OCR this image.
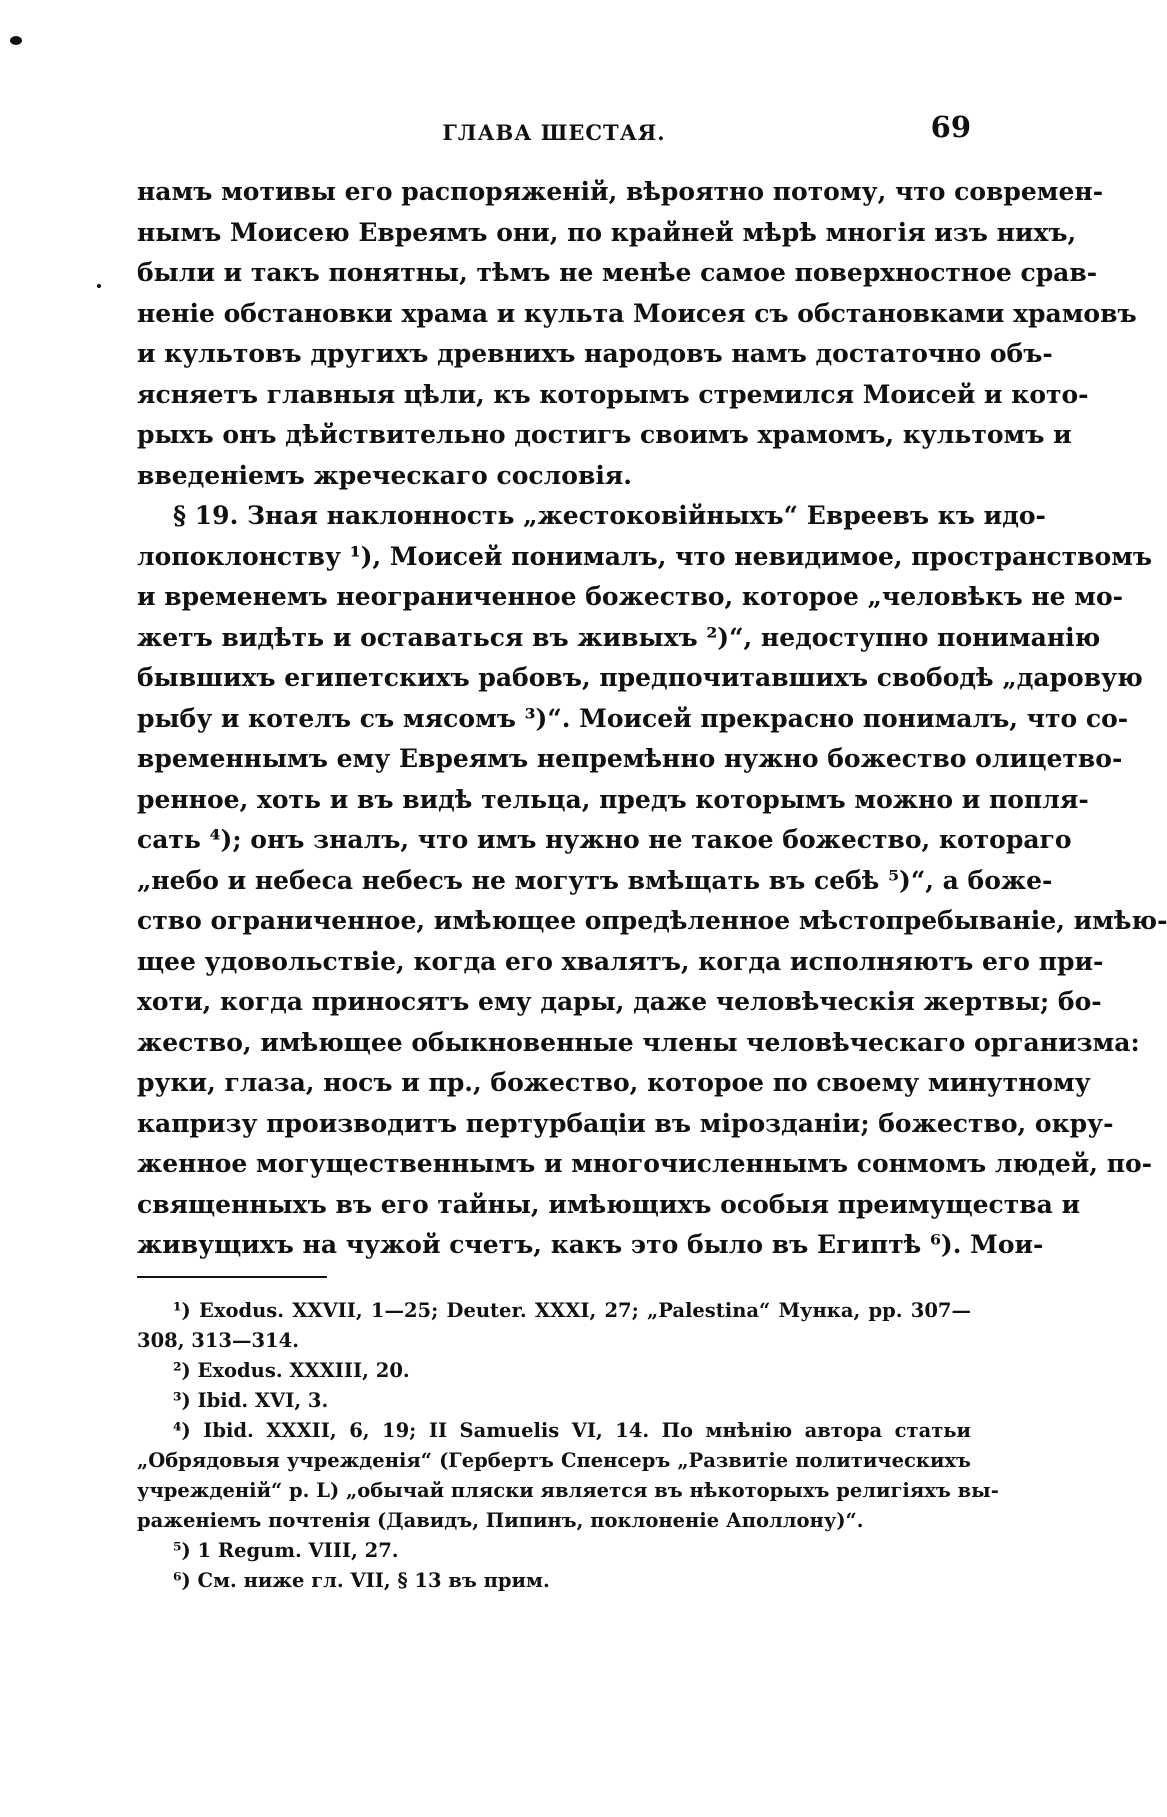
ГЛАВА ШЕСТАЯ.	69
намъ мотивы его распоряженій, вѣроятно потому, что современ-
нымъ Моисею Евреямъ они, по крайней мѣрѣ многія изъ нихъ,
были и такъ понятны, тѣмъ не менѣе самое поверхностное срав-
неніе обстановки храма и культа Моисея съ обстановками храмовъ
и культовъ другихъ древнихъ народовъ намъ достаточно объ-
ясняетъ главныя цѣли, къ которымъ стремился Моисей и кото-
рыхъ онъ дѣйствительно достигъ своимъ храмомъ, культомъ и
введеніемъ жреческаго сословія.
§ 19. Зная наклонность „жестоковійныхъ“ Евреевъ къ идо-
лопоклонству ¹), Моисей понималъ, что невидимое, пространствомъ
и временемъ неограниченное божество, которое „человѣкъ не мо-
жетъ видѣть и оставаться въ живыхъ ²)“, недоступно пониманію
бывшихъ египетскихъ рабовъ, предпочитавшихъ свободѣ „даровую
рыбу и котелъ съ мясомъ ³)“. Моисей прекрасно понималъ, что со-
временнымъ ему Евреямъ непремѣнно нужно божество олицетво-
ренное, хоть и въ видѣ тельца, предъ которымъ можно и попля-
сать ⁴); онъ зналъ, что имъ нужно не такое божество, котораго
„небо и небеса небесъ не могутъ вмѣщать въ себѣ ⁵)“, а боже-
ство ограниченное, имѣющее опредѣленное мѣстопребываніе, имѣю-
щее удовольствіе, когда его хвалятъ, когда исполняютъ его при-
хоти, когда приносятъ ему дары, даже человѣческія жертвы; бо-
жество, имѣющее обыкновенные члены человѣческаго организма:
руки, глаза, носъ и пр., божество, которое по своему минутному
капризу производитъ пертурбаціи въ мірозданіи; божество, окру-
женное могущественнымъ и многочисленнымъ сонмомъ людей, по-
священныхъ въ его тайны, имѣющихъ особыя преимущества и
живущихъ на чужой счетъ, какъ это было въ Египтѣ ⁶). Мои-
¹) Exodus. XXVII, 1—25; Deuter. XXXI, 27; „Palestina“ Мунка, pp. 307—
308, 313—314.
²) Exodus. XXXIII, 20.
³) Ibid. XVI, 3.
⁴) Ibid. XXXII, 6, 19; II Samuelis VI, 14. По мнѣнію автора статьи
„Обрядовыя учрежденія“ (Гербертъ Спенсеръ „Развитіе политическихъ
учрежденій“ р. L) „обычай пляски является въ нѣкоторыхъ религіяхъ вы-
раженіемъ почтенія (Давидъ, Пипинъ, поклоненіе Аполлону)“.
⁵) 1 Regum. VIII, 27.
⁶) См. ниже гл. VII, § 13 въ прим.
